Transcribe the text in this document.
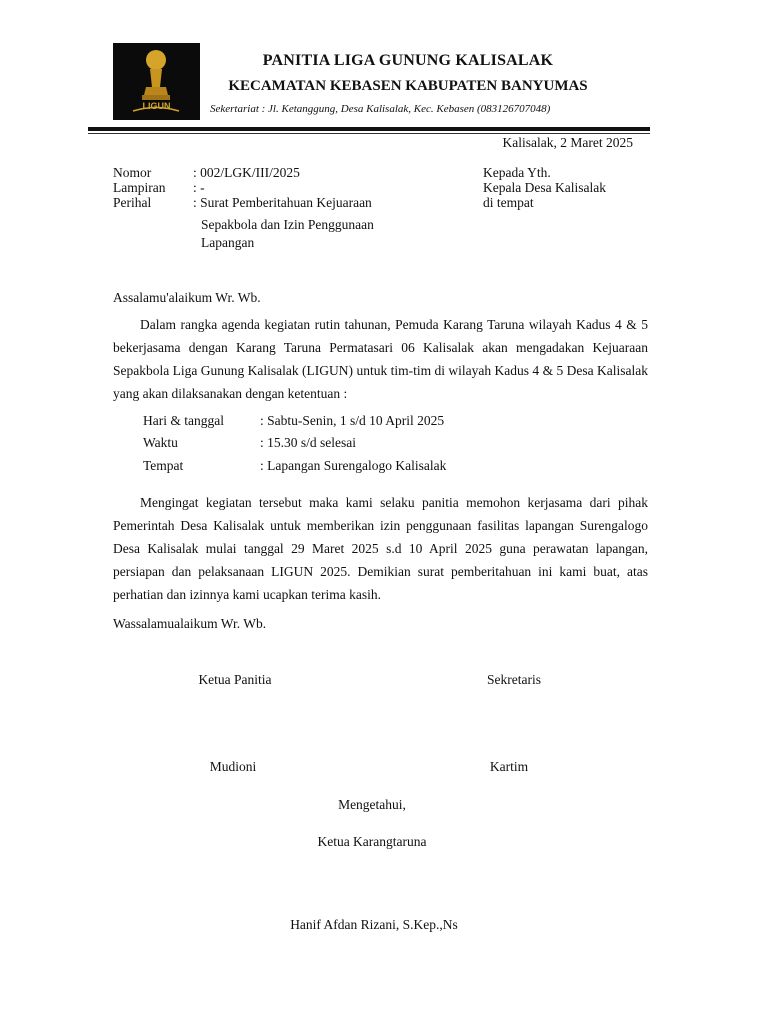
LIGUN
PANITIA LIGA GUNUNG KALISALAK
KECAMATAN KEBASEN KABUPATEN BANYUMAS
Sekertariat : Jl. Ketanggung, Desa Kalisalak, Kec. Kebasen (083126707048)
Kalisalak, 2 Maret 2025
Nomor	: 002/LGK/III/2025
Lampiran	: -
Perihal	: Surat Pemberitahuan Kejuaraan
Sepakbola dan Izin Penggunaan
Lapangan
Kepada Yth.
Kepala Desa Kalisalak
di tempat
Assalamu'alaikum Wr. Wb.
Dalam rangka agenda kegiatan rutin tahunan, Pemuda Karang Taruna wilayah Kadus 4 & 5 bekerjasama dengan Karang Taruna Permatasari 06 Kalisalak akan mengadakan Kejuaraan Sepakbola Liga Gunung Kalisalak (LIGUN) untuk tim-tim di wilayah Kadus 4 & 5 Desa Kalisalak yang akan dilaksanakan dengan ketentuan :
Hari & tanggal	: Sabtu-Senin, 1 s/d 10 April 2025
Waktu	: 15.30 s/d selesai
Tempat	: Lapangan Surengalogo Kalisalak
Mengingat kegiatan tersebut maka kami selaku panitia memohon kerjasama dari pihak Pemerintah Desa Kalisalak untuk memberikan izin penggunaan fasilitas lapangan Surengalogo Desa Kalisalak mulai tanggal 29 Maret 2025 s.d 10 April 2025 guna perawatan lapangan, persiapan dan pelaksanaan LIGUN 2025. Demikian surat pemberitahuan ini kami buat, atas perhatian dan izinnya kami ucapkan terima kasih.
Wassalamualaikum Wr. Wb.
Ketua Panitia	Sekretaris
Mudioni	Kartim
Mengetahui,
Ketua Karangtaruna
Hanif Afdan Rizani, S.Kep.,Ns
